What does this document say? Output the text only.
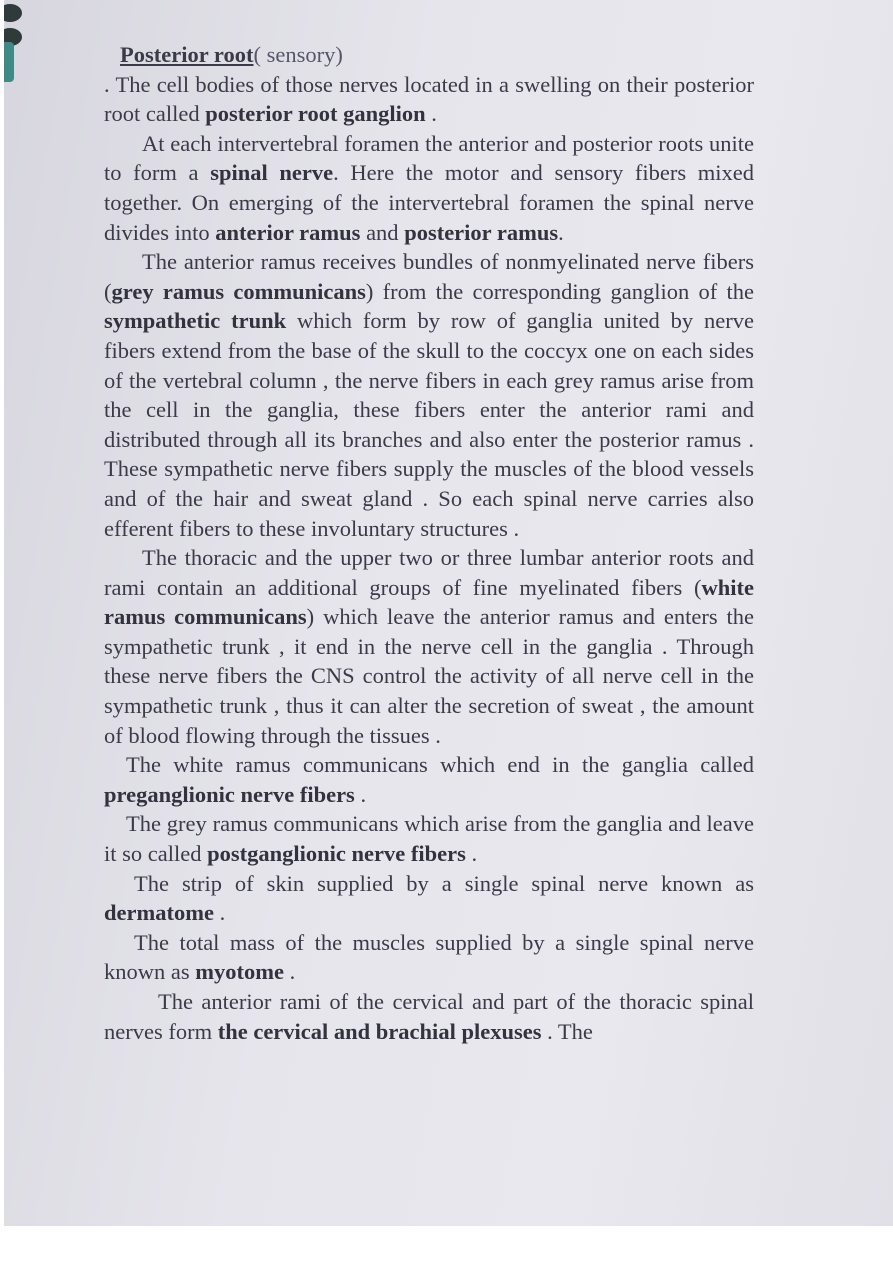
Posterior root( sensory)

. The cell bodies of those nerves located in a swelling on their posterior root called posterior root ganglion .

At each intervertebral foramen the anterior and posterior roots unite to form a spinal nerve. Here the motor and sensory fibers mixed together. On emerging of the intervertebral foramen the spinal nerve divides into anterior ramus and posterior ramus.

The anterior ramus receives bundles of nonmyelinated nerve fibers (grey ramus communicans) from the corresponding ganglion of the sympathetic trunk which form by row of ganglia united by nerve fibers extend from the base of the skull to the coccyx one on each sides of the vertebral column , the nerve fibers in each grey ramus arise from the cell in the ganglia, these fibers enter the anterior rami and distributed through all its branches and also enter the posterior ramus . These sympathetic nerve fibers supply the muscles of the blood vessels and of the hair and sweat gland . So each spinal nerve carries also efferent fibers to these involuntary structures .

The thoracic and the upper two or three lumbar anterior roots and rami contain an additional groups of fine myelinated fibers (white ramus communicans) which leave the anterior ramus and enters the sympathetic trunk , it end in the nerve cell in the ganglia . Through these nerve fibers the CNS control the activity of all nerve cell in the sympathetic trunk , thus it can alter the secretion of sweat , the amount of blood flowing through the tissues .

The white ramus communicans which end in the ganglia called preganglionic nerve fibers .

The grey ramus communicans which arise from the ganglia and leave it so called postganglionic nerve fibers .

The strip of skin supplied by a single spinal nerve known as dermatome .

The total mass of the muscles supplied by a single spinal nerve known as myotome .

The anterior rami of the cervical and part of the thoracic spinal nerves form the cervical and brachial plexuses . The
